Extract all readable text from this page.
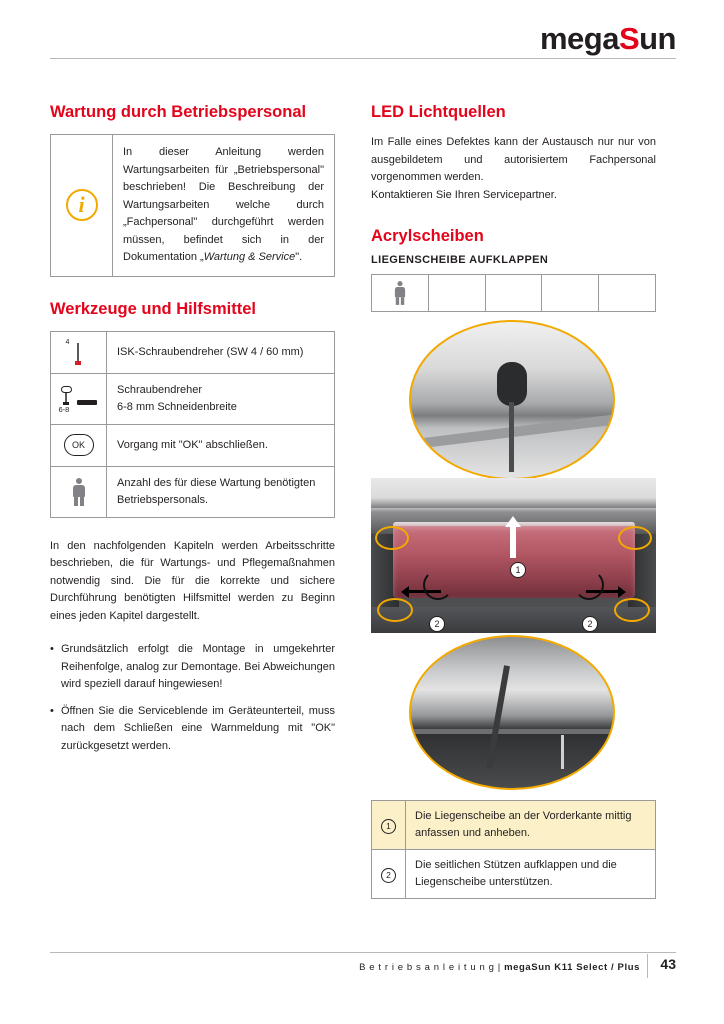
megaSun
Wartung durch Betriebspersonal
i
In dieser Anleitung werden Wartungsarbeiten für „Betriebspersonal" beschrieben! Die Beschreibung der Wartungsarbeiten welche durch „Fachpersonal" durchgeführt werden müssen, befindet sich in der Dokumentation „Wartung & Service".
Werkzeuge und Hilfsmittel
4
ISK-Schraubendreher (SW 4 / 60 mm)
6-8
Schraubendreher
6-8 mm Schneidenbreite
OK	Vorgang mit "OK" abschließen.
Anzahl des für diese Wartung benötigten
Betriebspersonals.

In den nachfolgenden Kapiteln werden Arbeitsschritte beschrieben, die für Wartungs- und Pflegemaßnahmen notwendig sind. Die für die korrekte und sichere Durchführung benötigten Hilfsmittel werden zu Beginn eines jeden Kapitel dargestellt.

• Grundsätzlich erfolgt die Montage in umgekehrter Reihenfolge, analog zur Demontage. Bei Abweichungen wird speziell darauf hingewiesen!
• Öffnen Sie die Serviceblende im Geräteunterteil, muss nach dem Schließen eine Warnmeldung mit "OK" zurückgesetzt werden.
LED Lichtquellen

Im Falle eines Defektes kann der Austausch nur nur von ausgebildetem und autorisiertem Fachpersonal vorgenommen werden.

Kontaktieren Sie Ihren Servicepartner.

Acrylscheiben
LIEGENSCHEIBE AUFKLAPPEN
1
2	2
1
Die Liegenscheibe an der Vorderkante mittig anfassen und anheben.
2
Die seitlichen Stützen aufklappen und die Liegenscheibe unterstützen.
B e t r i e b s a n l e i t u n g | megaSun K11 Select / Plus 43
